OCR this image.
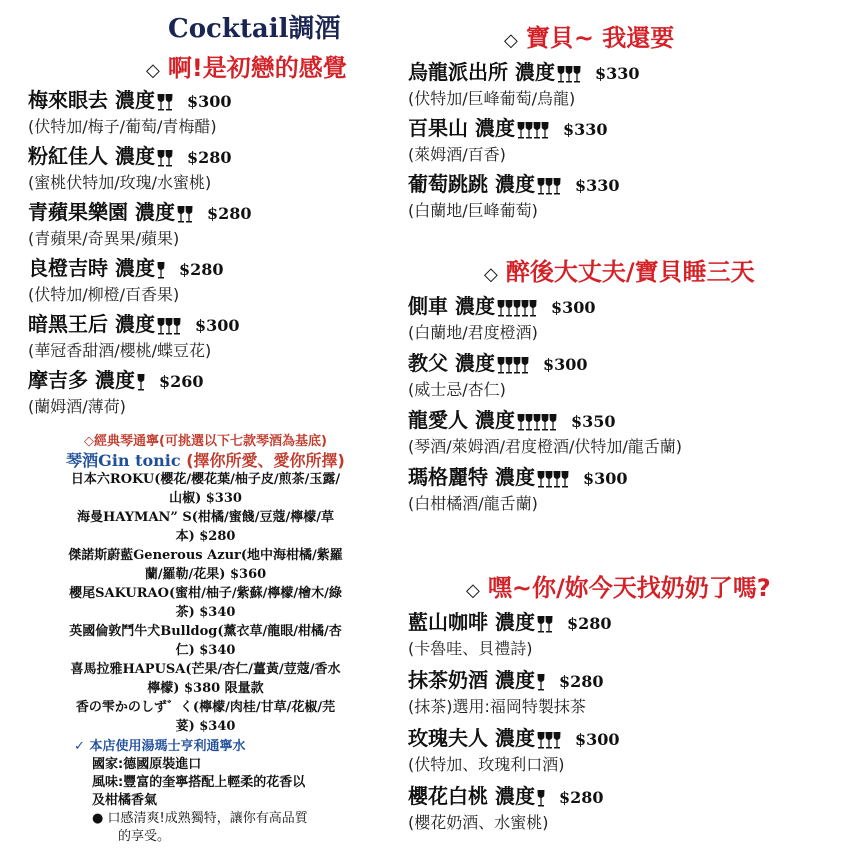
Cocktail調酒
◇ 啊!是初戀的感覺
梅來眼去 濃度 $300
(伏特加/梅子/葡萄/青梅醋)
粉紅佳人 濃度 $280
(蜜桃伏特加/玫瑰/水蜜桃)
青蘋果樂園 濃度 $280
(青蘋果/奇異果/蘋果)
良橙吉時 濃度 $280
(伏特加/柳橙/百香果)
暗黑王后 濃度	$300
(華冠香甜酒/櫻桃/蝶豆花)
摩吉多 濃度 $260
(蘭姆酒/薄荷)
◇經典琴通寧(可挑選以下七款琴酒為基底)
琴酒Gin tonic (擇你所愛、愛你所擇)
日本六ROKU(櫻花/櫻花葉/柚子皮/煎茶/玉露/
山椒) $330
海曼HAYMAN” S(柑橘/蜜餞/豆蔻/檸檬/草
本) $280
傑諾斯蔚藍Generous Azur(地中海柑橘/紫羅
蘭/羅勒/花果) $360
櫻尾SAKURAO(蜜柑/柚子/紫蘇/檸檬/檜木/綠
茶) $340
英國倫敦鬥牛犬Bulldog(薰衣草/龍眼/柑橘/杏
仁) $340
喜馬拉雅HAPUSA(芒果/杏仁/薑黃/荳蔻/香水
檸檬) $380 限量款
香の雫かのしず゛く(檸檬/肉桂/甘草/花椒/芫
荽) $340
✓ 本店使用湯瑪士亨利通寧水
國家:德國原裝進口
風味:豐富的奎寧搭配上輕柔的花香以
及柑橘香氣
● 口感清爽!成熟獨特，讓你有高品質
的享受。
◇ 寶貝~ 我還要
◇ 醉後大丈夫/寶貝睡三天
◇ 嘿~你/妳今天找奶奶了嗎?
烏龍派出所 濃度	$330
(伏特加/巨峰葡萄/烏龍)
百果山 濃度	$330
(萊姆酒/百香)
葡萄跳跳 濃度	$330
(白蘭地/巨峰葡萄)
側車 濃度	$300
(白蘭地/君度橙酒)
教父 濃度	$300
(威士忌/杏仁)
龍愛人 濃度	$350
(琴酒/萊姆酒/君度橙酒/伏特加/龍舌蘭)
瑪格麗特 濃度	$300
(白柑橘酒/龍舌蘭)
藍山咖啡 濃度 $280
(卡魯哇、貝禮詩)
抹茶奶酒 濃度 $280
(抹茶)選用:福岡特製抹茶
玫瑰夫人 濃度	$300
(伏特加、玫瑰利口酒)
櫻花白桃 濃度 $280
(櫻花奶酒、水蜜桃)
